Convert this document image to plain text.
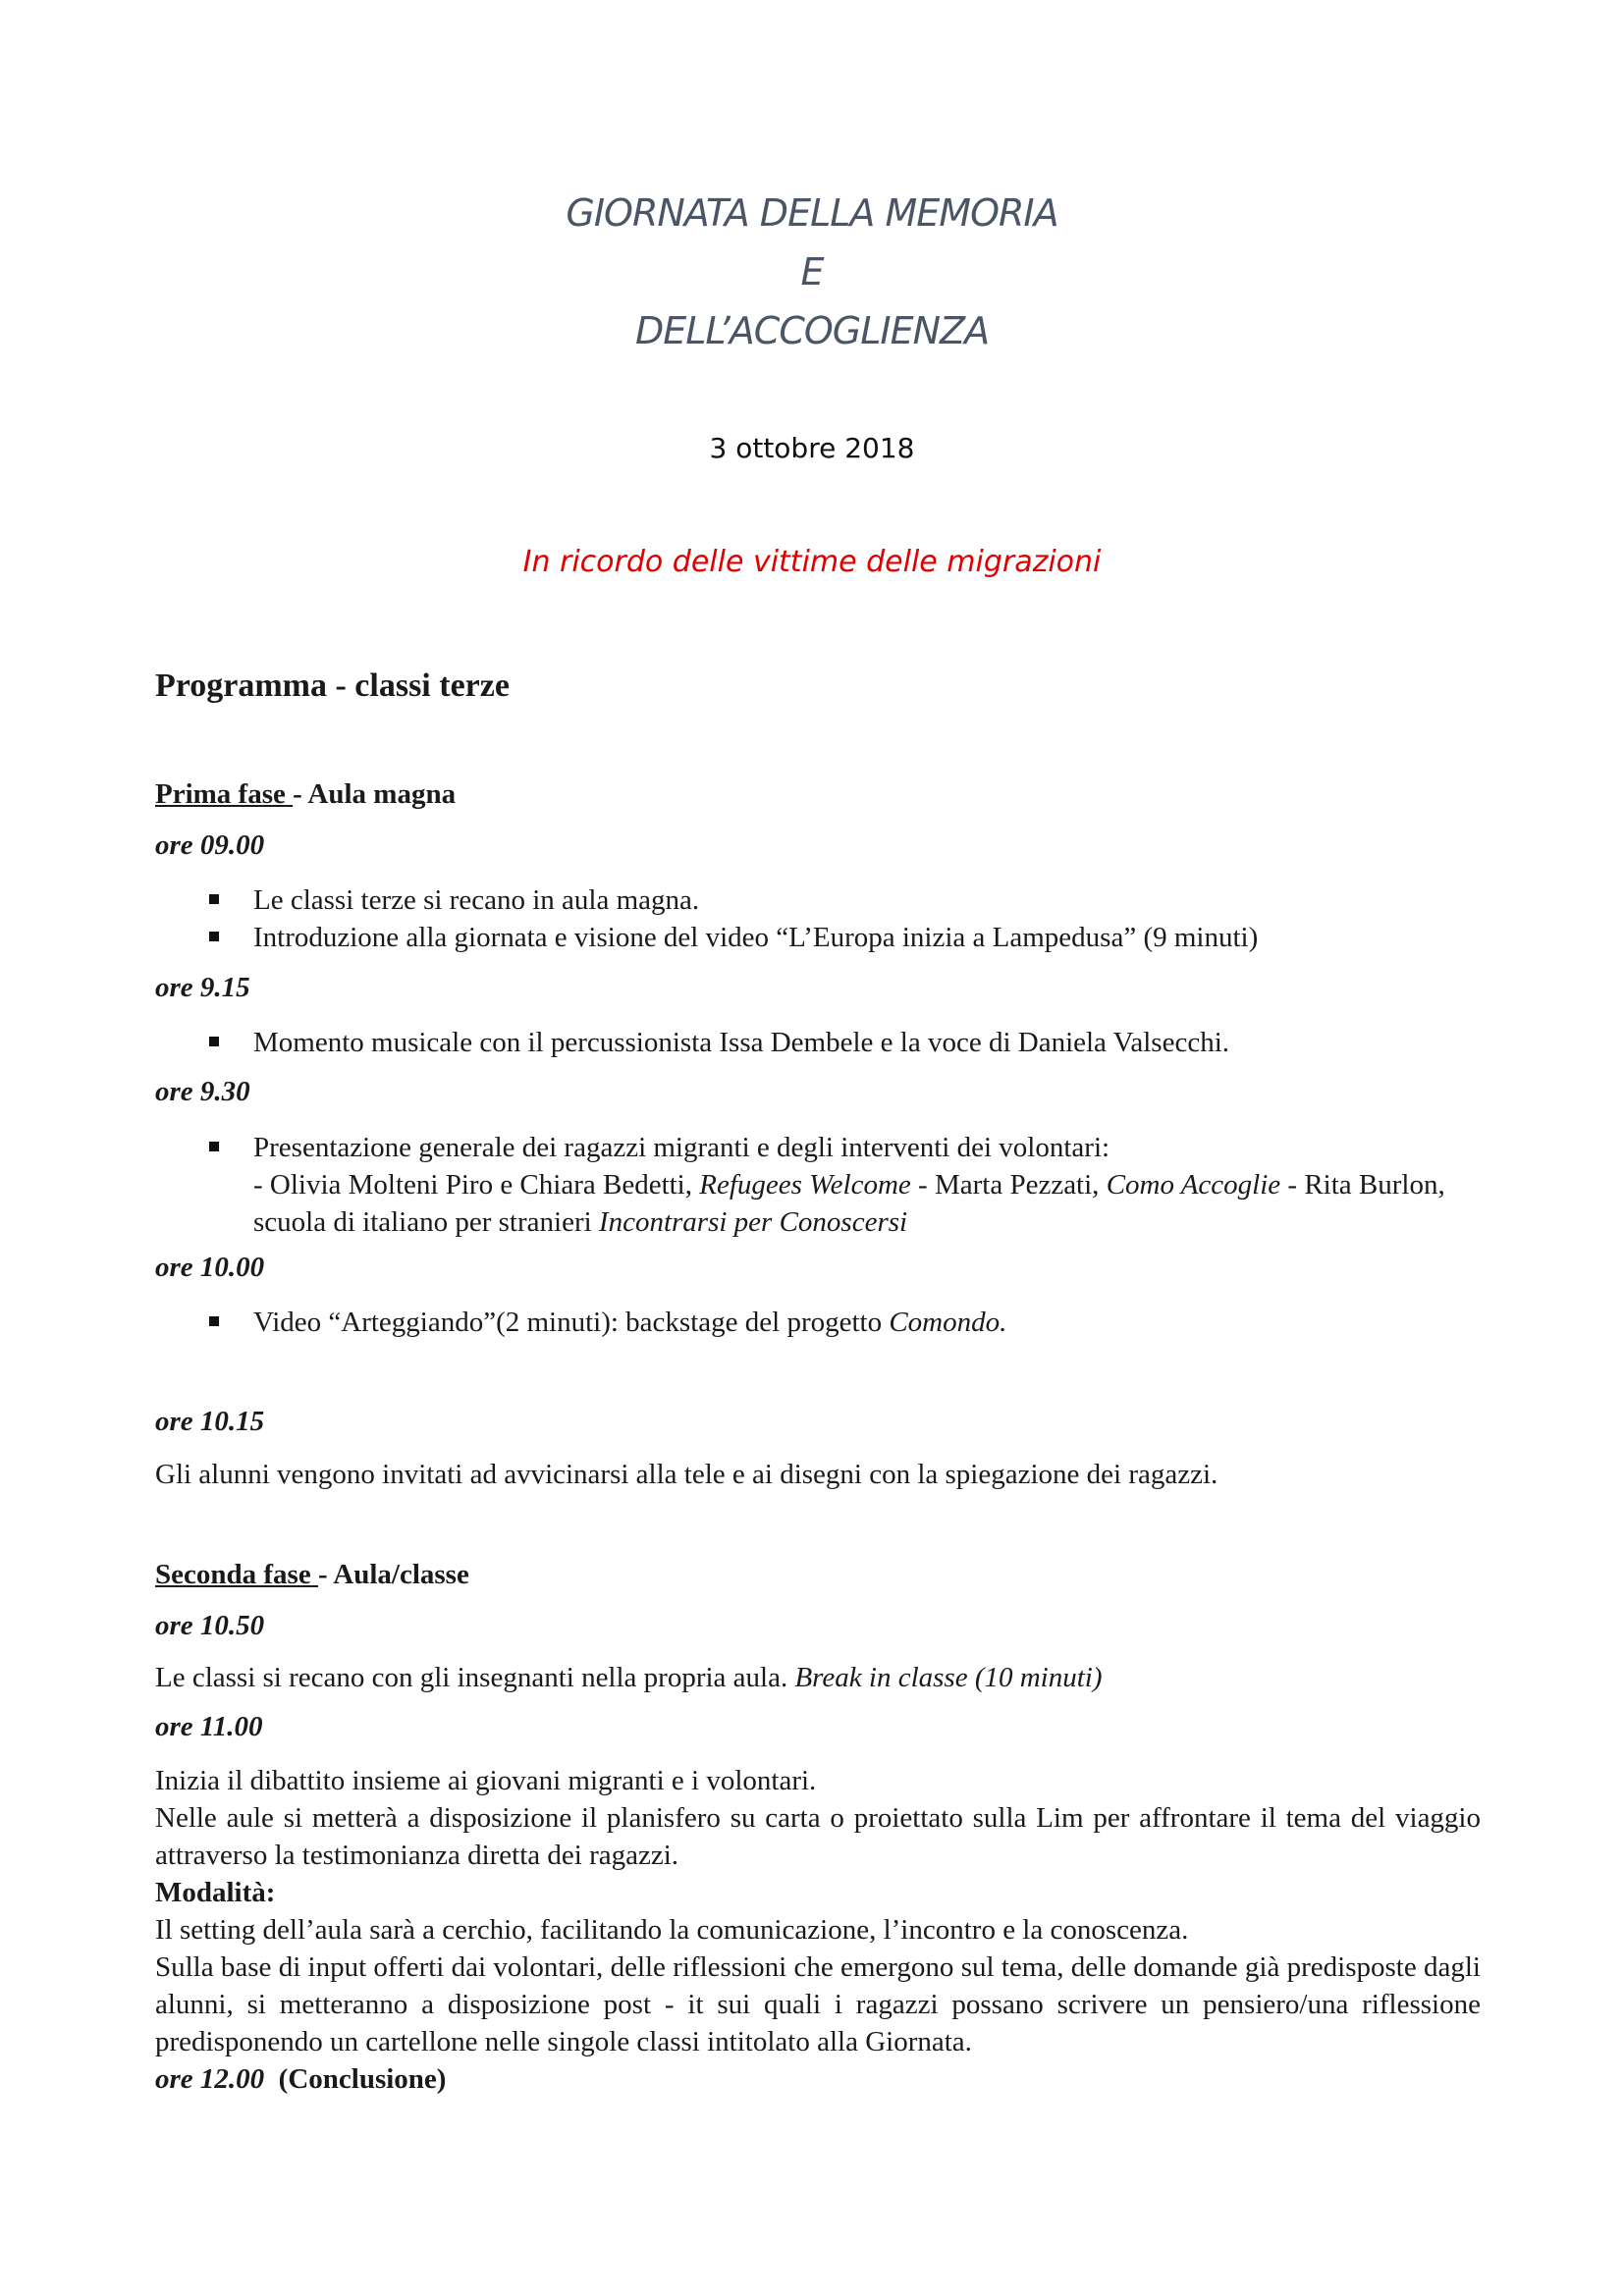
GIORNATA DELLA MEMORIA
E
DELL’ACCOGLIENZA
3 ottobre 2018
In ricordo delle vittime delle migrazioni
Programma - classi terze
Prima fase - Aula magna
ore 09.00
Le classi terze si recano in aula magna.
Introduzione alla giornata e visione del video “L’Europa inizia a Lampedusa” (9 minuti)
ore 9.15
Momento musicale con il percussionista Issa Dembele e la voce di Daniela Valsecchi.
ore 9.30
Presentazione generale dei ragazzi migranti e degli interventi dei volontari:
- Olivia Molteni Piro e Chiara Bedetti, Refugees Welcome - Marta Pezzati, Como Accoglie - Rita Burlon, scuola di italiano per stranieri Incontrarsi per Conoscersi
ore 10.00
Video “Arteggiando”(2 minuti): backstage del progetto Comondo.
ore 10.15
Gli alunni vengono invitati ad avvicinarsi alla tele e ai disegni con la spiegazione dei ragazzi.
Seconda fase - Aula/classe
ore 10.50
Le classi si recano con gli insegnanti nella propria aula. Break in classe (10 minuti)
ore 11.00
Inizia il dibattito insieme ai giovani migranti e i volontari.
Nelle aule si metterà a disposizione il planisfero su carta o proiettato sulla Lim per affrontare il tema del viaggio attraverso la testimonianza diretta dei ragazzi.
Modalità:
Il setting dell’aula sarà a cerchio, facilitando la comunicazione, l’incontro e la conoscenza.
Sulla base di input offerti dai volontari, delle riflessioni che emergono sul tema, delle domande già predisposte dagli alunni, si metteranno a disposizione post - it sui quali i ragazzi possano scrivere un pensiero/una riflessione predisponendo un cartellone nelle singole classi intitolato alla Giornata.
ore 12.00 (Conclusione)
